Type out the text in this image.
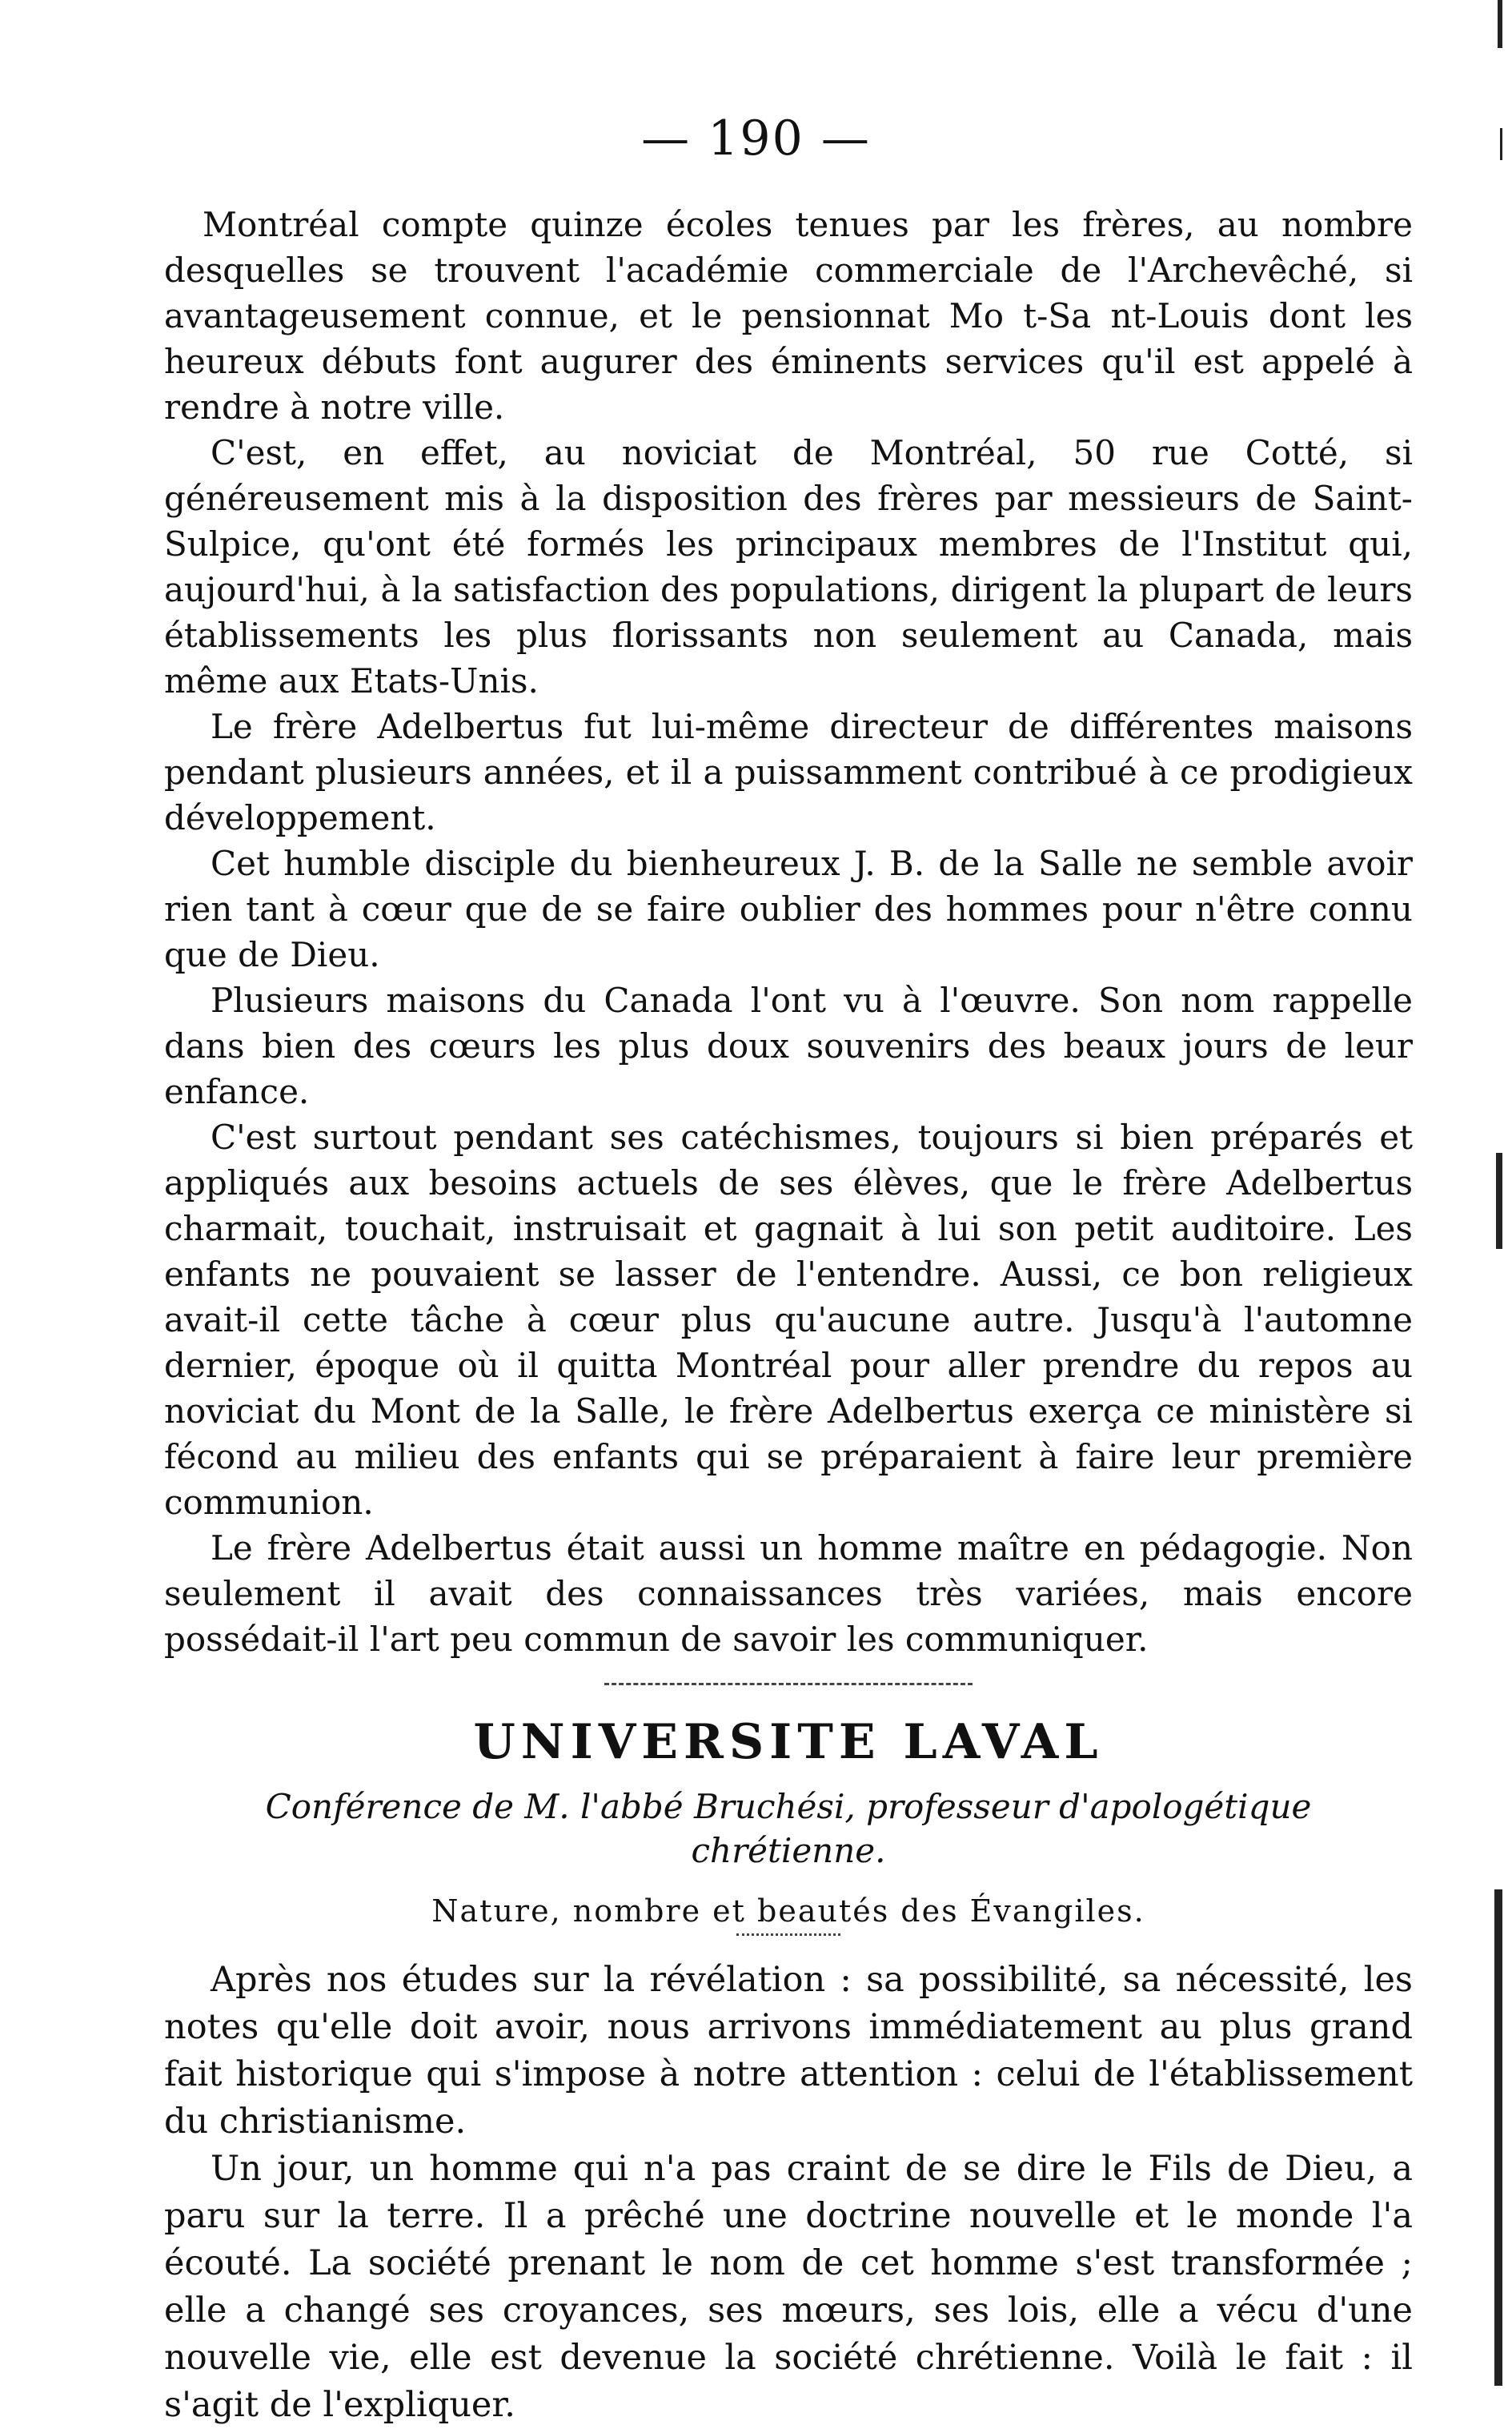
— 190 —

Montréal compte quinze écoles tenues par les frères, au nombre desquelles se trouvent l'académie commerciale de l'Archevêché, si avantageusement connue, et le pensionnat Mo t-Sa nt-Louis dont les heureux débuts font augurer des éminents services qu'il est appelé à rendre à notre ville.

C'est, en effet, au noviciat de Montréal, 50 rue Cotté, si généreusement mis à la disposition des frères par messieurs de Saint-Sulpice, qu'ont été formés les principaux membres de l'Institut qui, aujourd'hui, à la satisfaction des populations, dirigent la plupart de leurs établissements les plus florissants non seulement au Canada, mais même aux Etats-Unis.

Le frère Adelbertus fut lui-même directeur de différentes maisons pendant plusieurs années, et il a puissamment contribué à ce prodigieux développement.

Cet humble disciple du bienheureux J. B. de la Salle ne semble avoir rien tant à cœur que de se faire oublier des hommes pour n'être connu que de Dieu.

Plusieurs maisons du Canada l'ont vu à l'œuvre. Son nom rappelle dans bien des cœurs les plus doux souvenirs des beaux jours de leur enfance.

C'est surtout pendant ses catéchismes, toujours si bien préparés et appliqués aux besoins actuels de ses élèves, que le frère Adelbertus charmait, touchait, instruisait et gagnait à lui son petit auditoire. Les enfants ne pouvaient se lasser de l'entendre. Aussi, ce bon religieux avait-il cette tâche à cœur plus qu'aucune autre. Jusqu'à l'automne dernier, époque où il quitta Montréal pour aller prendre du repos au noviciat du Mont de la Salle, le frère Adelbertus exerça ce ministère si fécond au milieu des enfants qui se préparaient à faire leur première communion.

Le frère Adelbertus était aussi un homme maître en pédagogie. Non seulement il avait des connaissances très variées, mais encore possédait-il l'art peu commun de savoir les communiquer.

UNIVERSITE LAVAL
Conférence de M. l'abbé Bruchési, professeur d'apologétique chrétienne.
Nature, nombre et beautés des Évangiles.

Après nos études sur la révélation : sa possibilité, sa nécessité, les notes qu'elle doit avoir, nous arrivons immédiatement au plus grand fait historique qui s'impose à notre attention : celui de l'établissement du christianisme.

Un jour, un homme qui n'a pas craint de se dire le Fils de Dieu, a paru sur la terre. Il a prêché une doctrine nouvelle et le monde l'a écouté. La société prenant le nom de cet homme s'est transformée ; elle a changé ses croyances, ses mœurs, ses lois, elle a vécu d'une nouvelle vie, elle est devenue la société chrétienne. Voilà le fait : il s'agit de l'expliquer.
